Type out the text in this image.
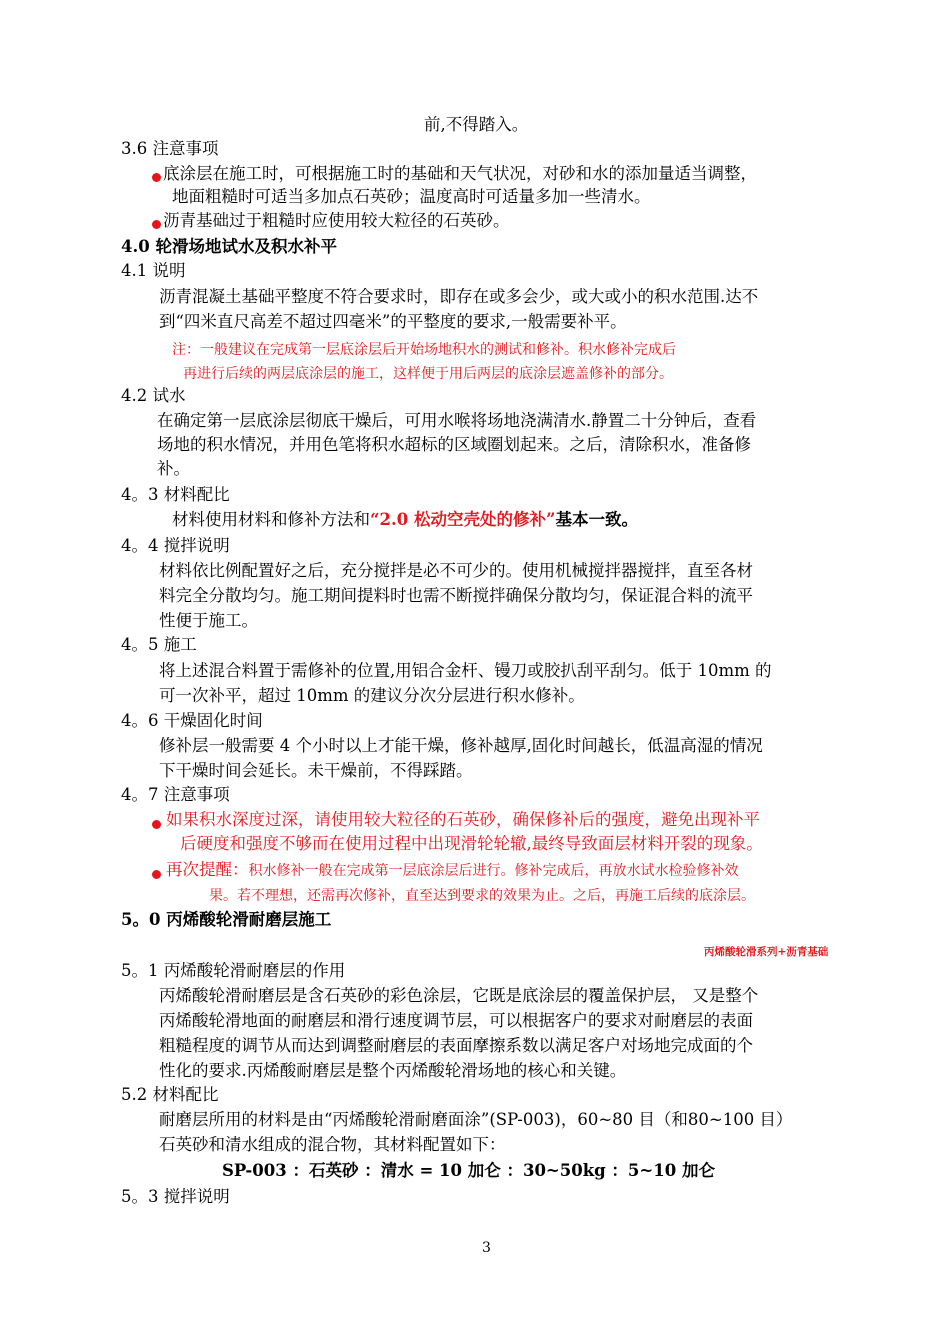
前,不得踏入。
3.6 注意事项
底涂层在施工时，可根据施工时的基础和天气状况，对砂和水的添加量适当调整，
地面粗糙时可适当多加点石英砂；温度高时可适量多加一些清水。
沥青基础过于粗糙时应使用较大粒径的石英砂。
4.0 轮滑场地试水及积水补平
4.1 说明
沥青混凝土基础平整度不符合要求时，即存在或多会少，或大或小的积水范围.达不
到“四米直尺高差不超过四毫米”的平整度的要求,一般需要补平。
注：一般建议在完成第一层底涂层后开始场地积水的测试和修补。积水修补完成后
再进行后续的两层底涂层的施工，这样便于用后两层的底涂层遮盖修补的部分。
4.2 试水
在确定第一层底涂层彻底干燥后，可用水喉将场地浇满清水.静置二十分钟后，查看
场地的积水情况，并用色笔将积水超标的区域圈划起来。之后，清除积水，准备修
补。
4。3 材料配比
材料使用材料和修补方法和“2.0 松动空壳处的修补”基本一致。
4。4 搅拌说明
材料依比例配置好之后，充分搅拌是必不可少的。使用机械搅拌器搅拌，直至各材
料完全分散均匀。施工期间提料时也需不断搅拌确保分散均匀，保证混合料的流平
性便于施工。
4。5 施工
将上述混合料置于需修补的位置,用铝合金杆、镘刀或胶扒刮平刮匀。低于 10mm 的
可一次补平，超过 10mm 的建议分次分层进行积水修补。
4。6 干燥固化时间
修补层一般需要 4 个小时以上才能干燥，修补越厚,固化时间越长，低温高湿的情况
下干燥时间会延长。未干燥前，不得踩踏。
4。7 注意事项
如果积水深度过深，请使用较大粒径的石英砂，确保修补后的强度，避免出现补平
后硬度和强度不够而在使用过程中出现滑轮轮辙,最终导致面层材料开裂的现象。
再次提醒：积水修补一般在完成第一层底涂层后进行。修补完成后，再放水试水检验修补效
果。若不理想，还需再次修补，直至达到要求的效果为止。之后，再施工后续的底涂层。
5。0 丙烯酸轮滑耐磨层施工
丙烯酸轮滑系列+沥青基础
5。1 丙烯酸轮滑耐磨层的作用
丙烯酸轮滑耐磨层是含石英砂的彩色涂层，它既是底涂层的覆盖保护层， 又是整个
丙烯酸轮滑地面的耐磨层和滑行速度调节层，可以根据客户的要求对耐磨层的表面
粗糙程度的调节从而达到调整耐磨层的表面摩擦系数以满足客户对场地完成面的个
性化的要求.丙烯酸耐磨层是整个丙烯酸轮滑场地的核心和关键。
5.2 材料配比
耐磨层所用的材料是由“丙烯酸轮滑耐磨面涂”(SP-003)，60~80 目（和80~100 目）
石英砂和清水组成的混合物，其材料配置如下：
SP-003 ：石英砂 ：清水 = 10 加仑 ：30~50kg ：5~10 加仑
5。3 搅拌说明
3
